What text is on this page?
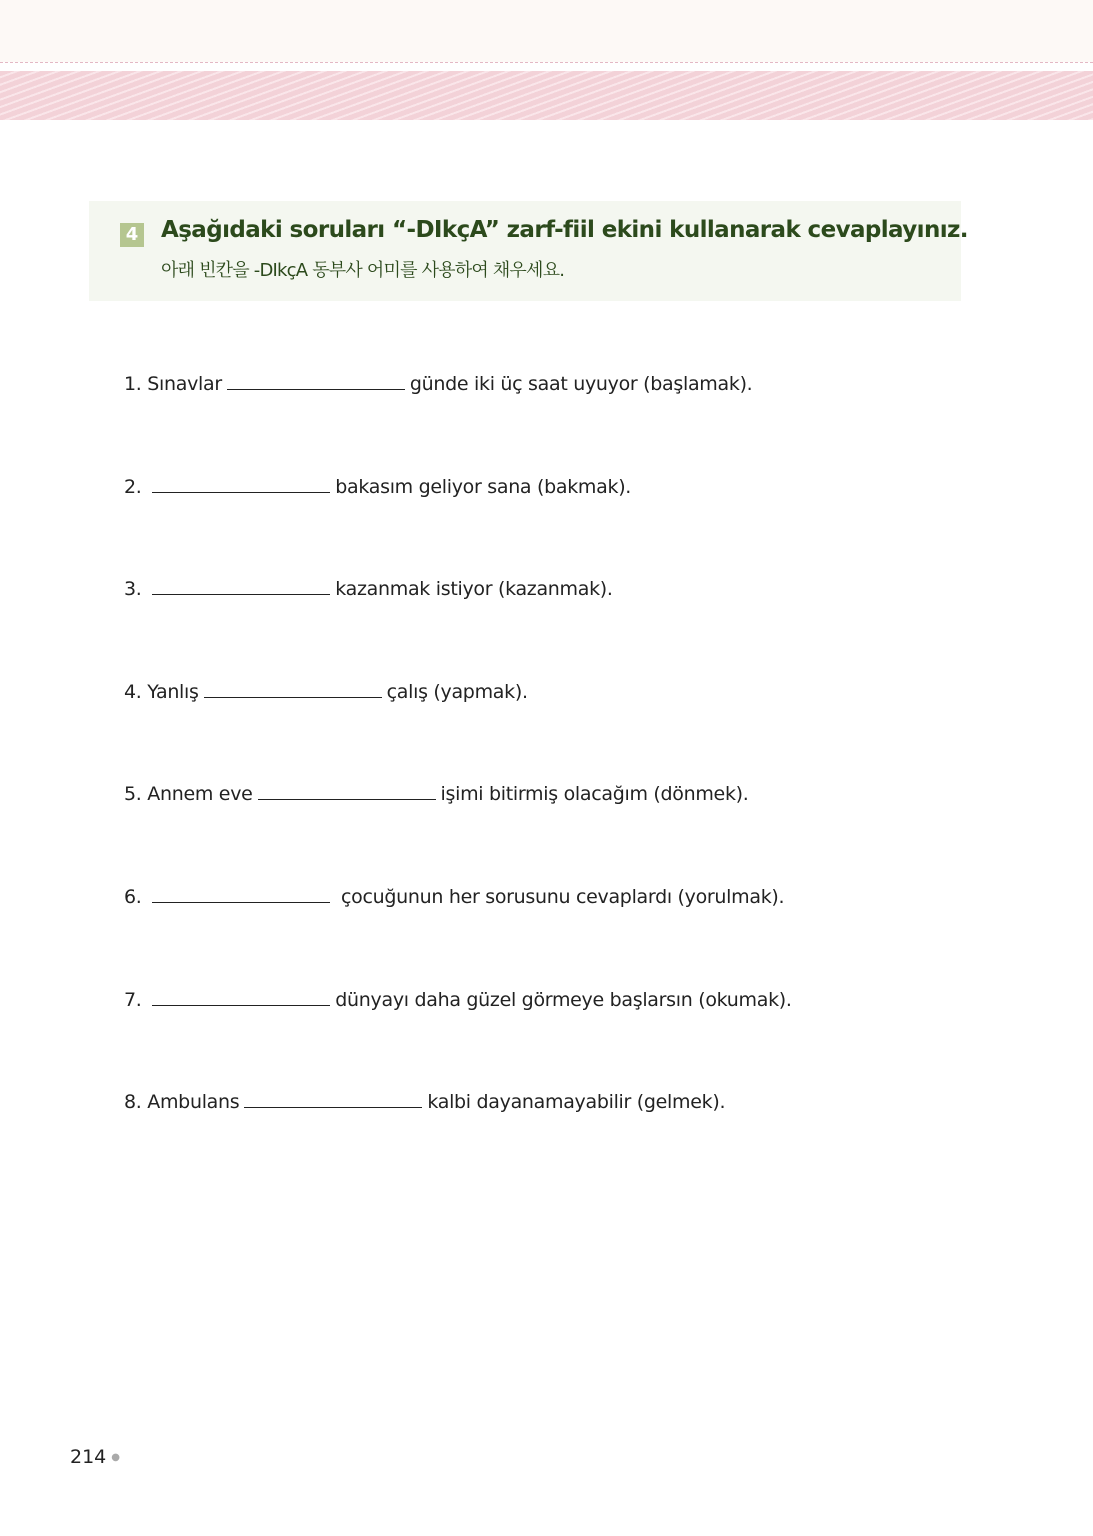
4 Aşağıdaki soruları “-DIkçA” zarf-fiil ekini kullanarak cevaplayınız.
아래 빈칸을 -DIkçA 동부사 어미를 사용하여 채우세요.
1. Sınavlar	günde iki üç saat uyuyor (başlamak).
2.	bakasım geliyor sana (bakmak).
3.	kazanmak istiyor (kazanmak).
4. Yanlış	çalış (yapmak).
5. Annem eve	işimi bitirmiş olacağım (dönmek).
6.	çocuğunun her sorusunu cevaplardı (yorulmak).
7.	dünyayı daha güzel görmeye başlarsın (okumak).
8. Ambulans	kalbi dayanamayabilir (gelmek).
214 ●
